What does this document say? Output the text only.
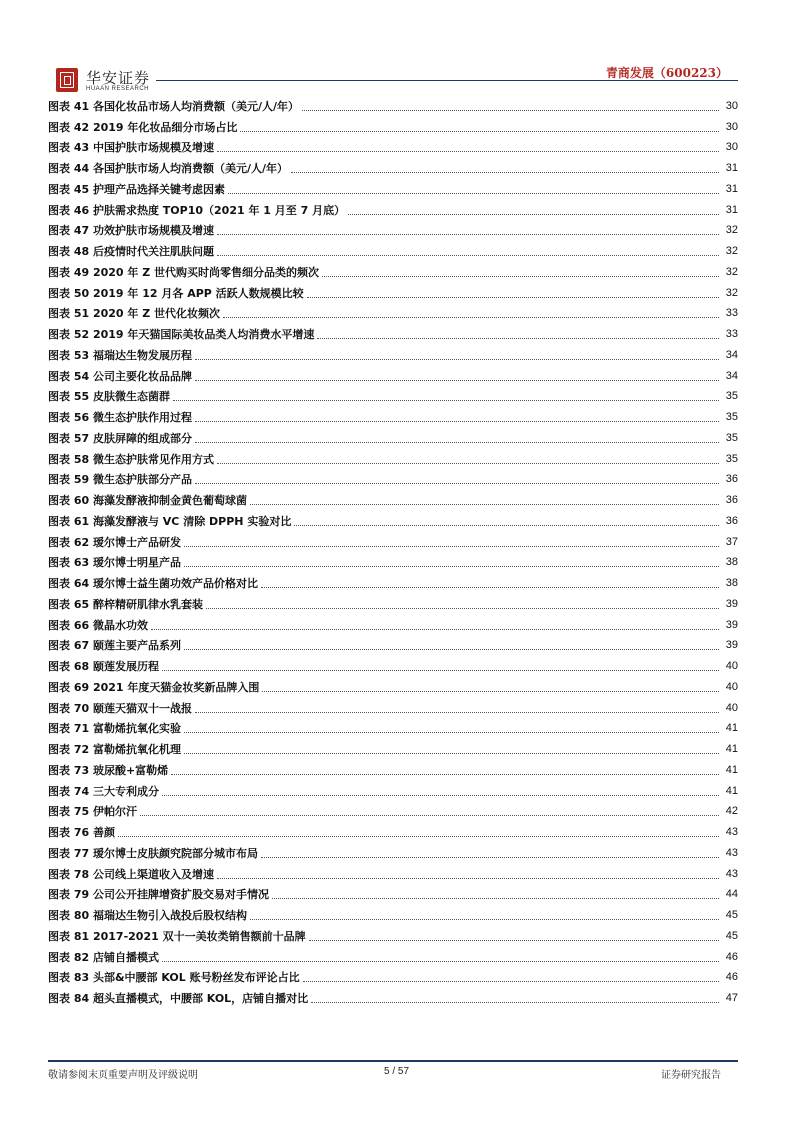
华安证券
HUAAN RESEARCH
青商发展（600223）
图表 41 各国化妆品市场人均消费额（美元/人/年）	30
图表 42 2019 年化妆品细分市场占比	30
图表 43 中国护肤市场规模及增速	30
图表 44 各国护肤市场人均消费额（美元/人/年）	31
图表 45 护理产品选择关键考虑因素	31
图表 46 护肤需求热度 TOP10（2021 年 1 月至 7 月底）	31
图表 47 功效护肤市场规模及增速	32
图表 48 后疫情时代关注肌肤问题	32
图表 49 2020 年 Z 世代购买时尚零售细分品类的频次	32
图表 50 2019 年 12 月各 APP 活跃人数规模比较	32
图表 51 2020 年 Z 世代化妆频次	33
图表 52 2019 年天猫国际美妆品类人均消费水平增速	33
图表 53 福瑞达生物发展历程	34
图表 54 公司主要化妆品品牌	34
图表 55 皮肤微生态菌群	35
图表 56 微生态护肤作用过程	35
图表 57 皮肤屏障的组成部分	35
图表 58 微生态护肤常见作用方式	35
图表 59 微生态护肤部分产品	36
图表 60 海藻发酵液抑制金黄色葡萄球菌	36
图表 61 海藻发酵液与 VC 清除 DPPH 实验对比	36
图表 62 瑷尔博士产品研发	37
图表 63 瑷尔博士明星产品	38
图表 64 瑷尔博士益生菌功效产品价格对比	38
图表 65 醉梓精研肌律水乳套装	39
图表 66 微晶水功效	39
图表 67 颐莲主要产品系列	39
图表 68 颐莲发展历程	40
图表 69 2021 年度天猫金妆奖新品牌入围	40
图表 70 颐莲天猫双十一战报	40
图表 71 富勒烯抗氧化实验	41
图表 72 富勒烯抗氧化机理	41
图表 73 玻尿酸+富勒烯	41
图表 74 三大专利成分	41
图表 75 伊帕尔汗	42
图表 76 善颜	43
图表 77 瑷尔博士皮肤颜究院部分城市布局	43
图表 78 公司线上渠道收入及增速	43
图表 79 公司公开挂牌增资扩股交易对手情况	44
图表 80 福瑞达生物引入战投后股权结构	45
图表 81 2017-2021 双十一美妆类销售额前十品牌	45
图表 82 店铺自播模式	46
图表 83 头部&中腰部 KOL 账号粉丝发布评论占比	46
图表 84 超头直播模式，中腰部 KOL，店铺自播对比	47
敬请参阅末页重要声明及评级说明	5 / 57	证券研究报告
